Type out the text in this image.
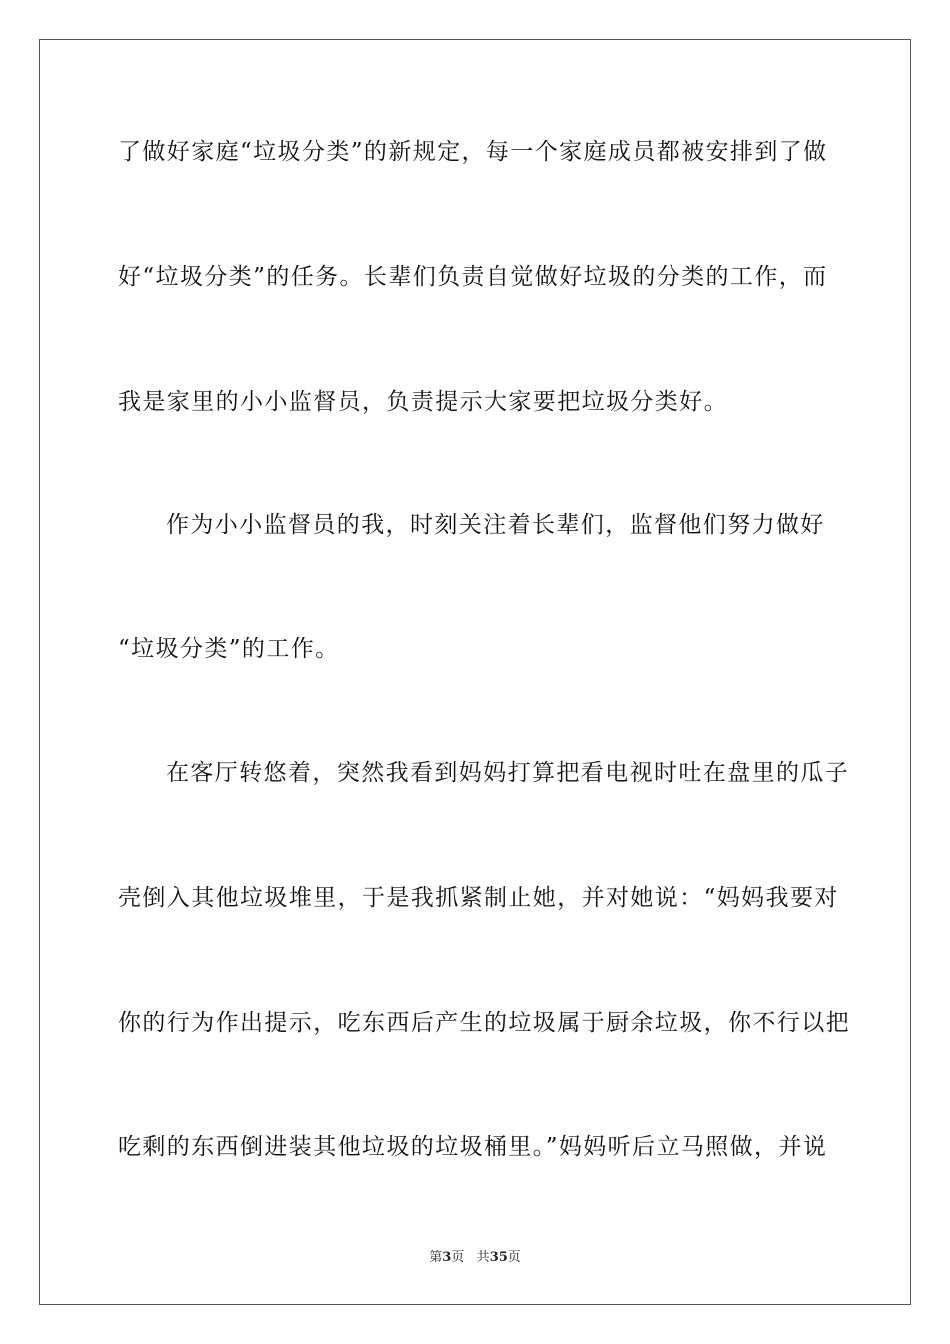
了做好家庭“垃圾分类”的新规定，每一个家庭成员都被安排到了做
好“垃圾分类”的任务。长辈们负责自觉做好垃圾的分类的工作，而
我是家里的小小监督员，负责提示大家要把垃圾分类好。
作为小小监督员的我，时刻关注着长辈们，监督他们努力做好
“垃圾分类”的工作。
在客厅转悠着，突然我看到妈妈打算把看电视时吐在盘里的瓜子
壳倒入其他垃圾堆里，于是我抓紧制止她，并对她说：“妈妈我要对
你的行为作出提示，吃东西后产生的垃圾属于厨余垃圾，你不行以把
吃剩的东西倒进装其他垃圾的垃圾桶里。”妈妈听后立马照做，并说
第3页 共35页
